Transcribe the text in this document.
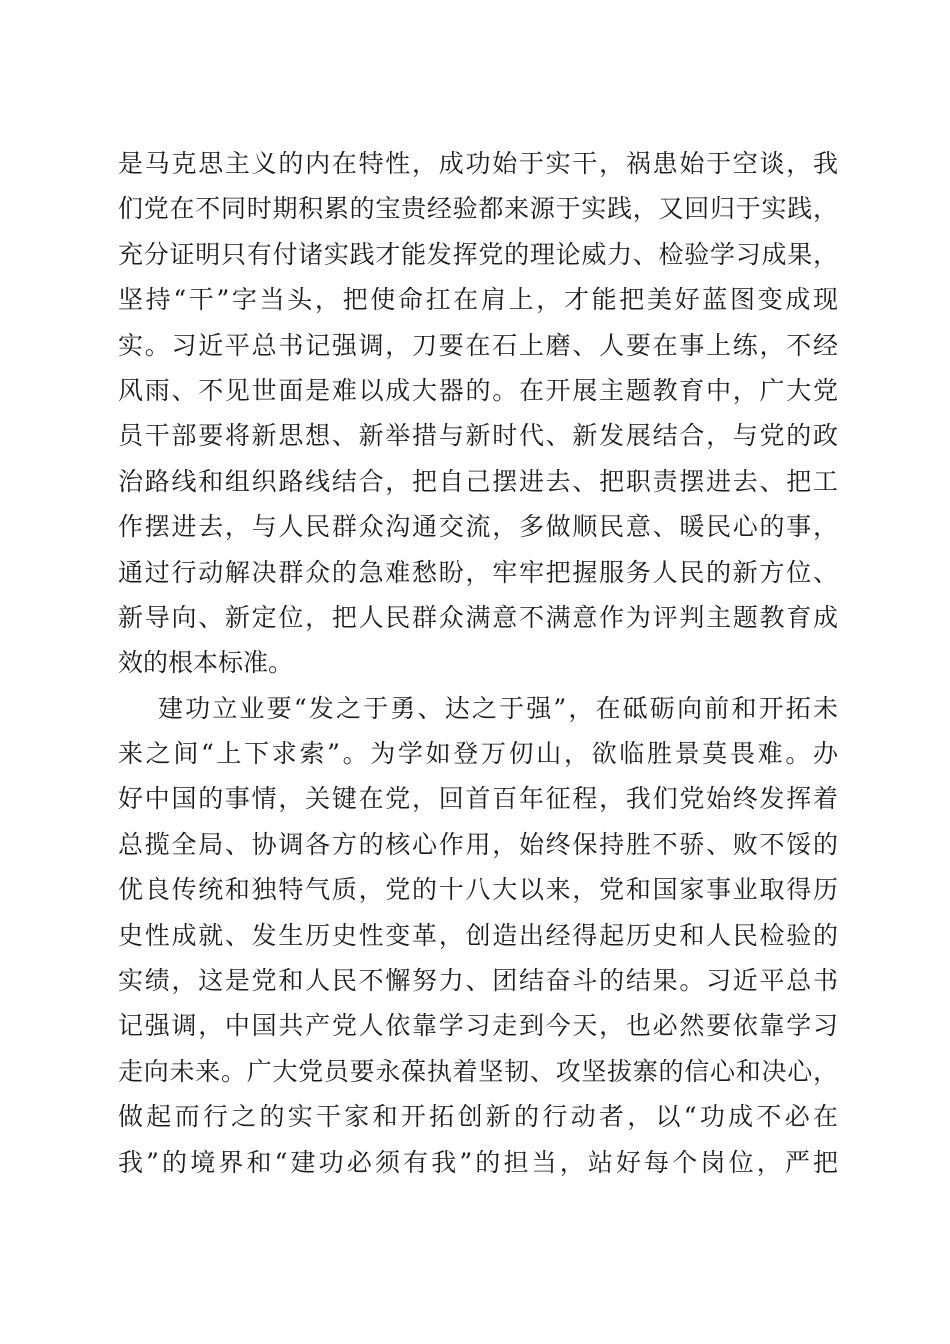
是马克思主义的内在特性，成功始于实干，祸患始于空谈，我
们党在不同时期积累的宝贵经验都来源于实践，又回归于实践，
充分证明只有付诸实践才能发挥党的理论威力、检验学习成果，
坚持“干”字当头，把使命扛在肩上，才能把美好蓝图变成现
实。习近平总书记强调，刀要在石上磨、人要在事上练，不经
风雨、不见世面是难以成大器的。在开展主题教育中，广大党
员干部要将新思想、新举措与新时代、新发展结合，与党的政
治路线和组织路线结合，把自己摆进去、把职责摆进去、把工
作摆进去，与人民群众沟通交流，多做顺民意、暖民心的事，
通过行动解决群众的急难愁盼，牢牢把握服务人民的新方位、
新导向、新定位，把人民群众满意不满意作为评判主题教育成
效的根本标准。
建功立业要“发之于勇、达之于强”，在砥砺向前和开拓未
来之间“上下求索”。为学如登万仞山，欲临胜景莫畏难。办
好中国的事情，关键在党，回首百年征程，我们党始终发挥着
总揽全局、协调各方的核心作用，始终保持胜不骄、败不馁的
优良传统和独特气质，党的十八大以来，党和国家事业取得历
史性成就、发生历史性变革，创造出经得起历史和人民检验的
实绩，这是党和人民不懈努力、团结奋斗的结果。习近平总书
记强调，中国共产党人依靠学习走到今天，也必然要依靠学习
走向未来。广大党员要永葆执着坚韧、攻坚拔寨的信心和决心，
做起而行之的实干家和开拓创新的行动者，以“功成不必在
我”的境界和“建功必须有我”的担当，站好每个岗位，严把
